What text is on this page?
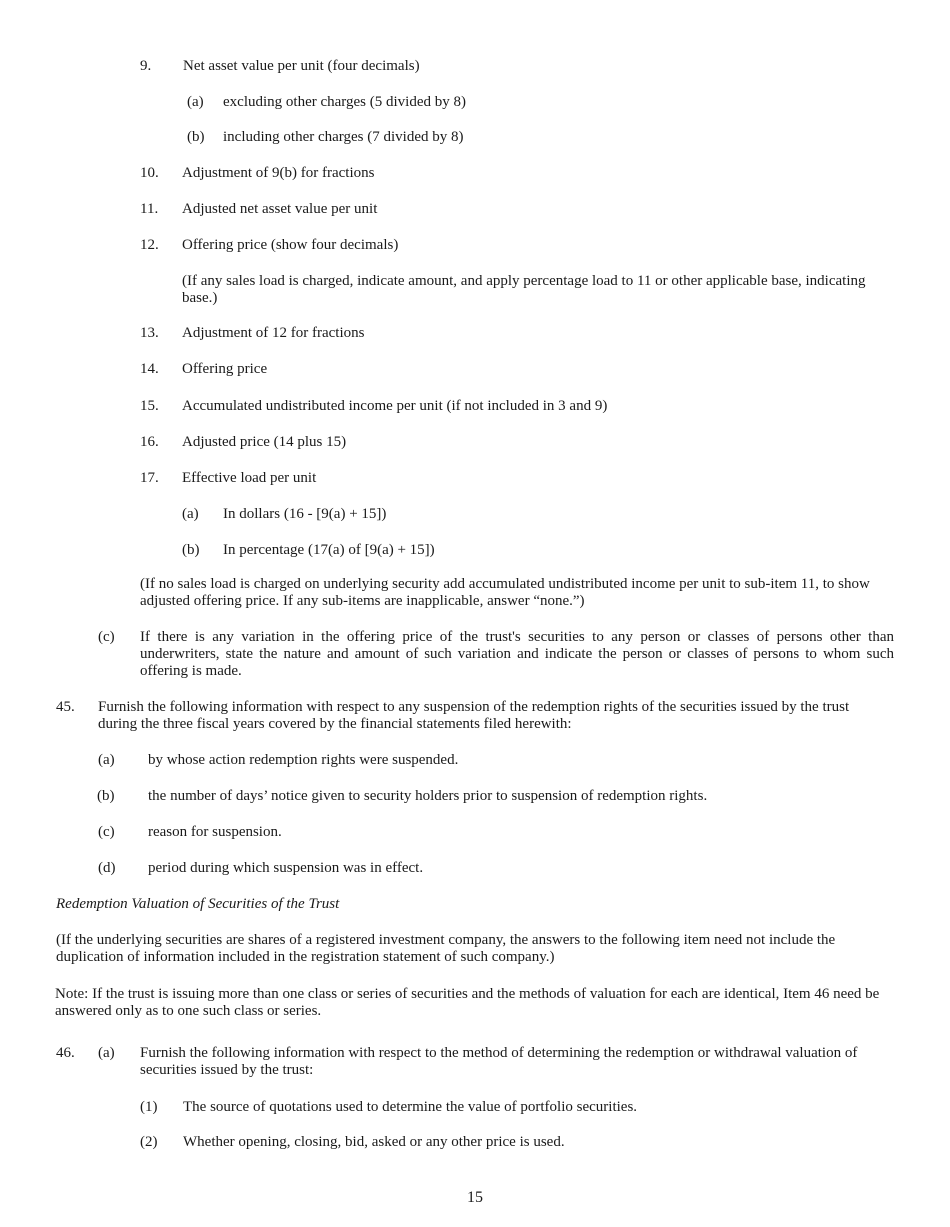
9. Net asset value per unit (four decimals)
(a) excluding other charges (5 divided by 8)
(b) including other charges (7 divided by 8)
10. Adjustment of 9(b) for fractions
11. Adjusted net asset value per unit
12. Offering price (show four decimals)
(If any sales load is charged, indicate amount, and apply percentage load to 11 or other applicable base, indicating base.)
13. Adjustment of 12 for fractions
14. Offering price
15. Accumulated undistributed income per unit (if not included in 3 and 9)
16. Adjusted price (14 plus 15)
17. Effective load per unit
(a) In dollars (16 - [9(a) + 15])
(b) In percentage (17(a) of [9(a) + 15])
(If no sales load is charged on underlying security add accumulated undistributed income per unit to sub-item 11, to show adjusted offering price. If any sub-items are inapplicable, answer “none.”)
(c) If there is any variation in the offering price of the trust's securities to any person or classes of persons other than underwriters, state the nature and amount of such variation and indicate the person or classes of persons to whom such offering is made.
45. Furnish the following information with respect to any suspension of the redemption rights of the securities issued by the trust during the three fiscal years covered by the financial statements filed herewith:
(a) by whose action redemption rights were suspended.
(b) the number of days’ notice given to security holders prior to suspension of redemption rights.
(c) reason for suspension.
(d) period during which suspension was in effect.
Redemption Valuation of Securities of the Trust
(If the underlying securities are shares of a registered investment company, the answers to the following item need not include the duplication of information included in the registration statement of such company.)
Note: If the trust is issuing more than one class or series of securities and the methods of valuation for each are identical, Item 46 need be answered only as to one such class or series.
46. (a) Furnish the following information with respect to the method of determining the redemption or withdrawal valuation of securities issued by the trust:
(1) The source of quotations used to determine the value of portfolio securities.
(2) Whether opening, closing, bid, asked or any other price is used.
15
